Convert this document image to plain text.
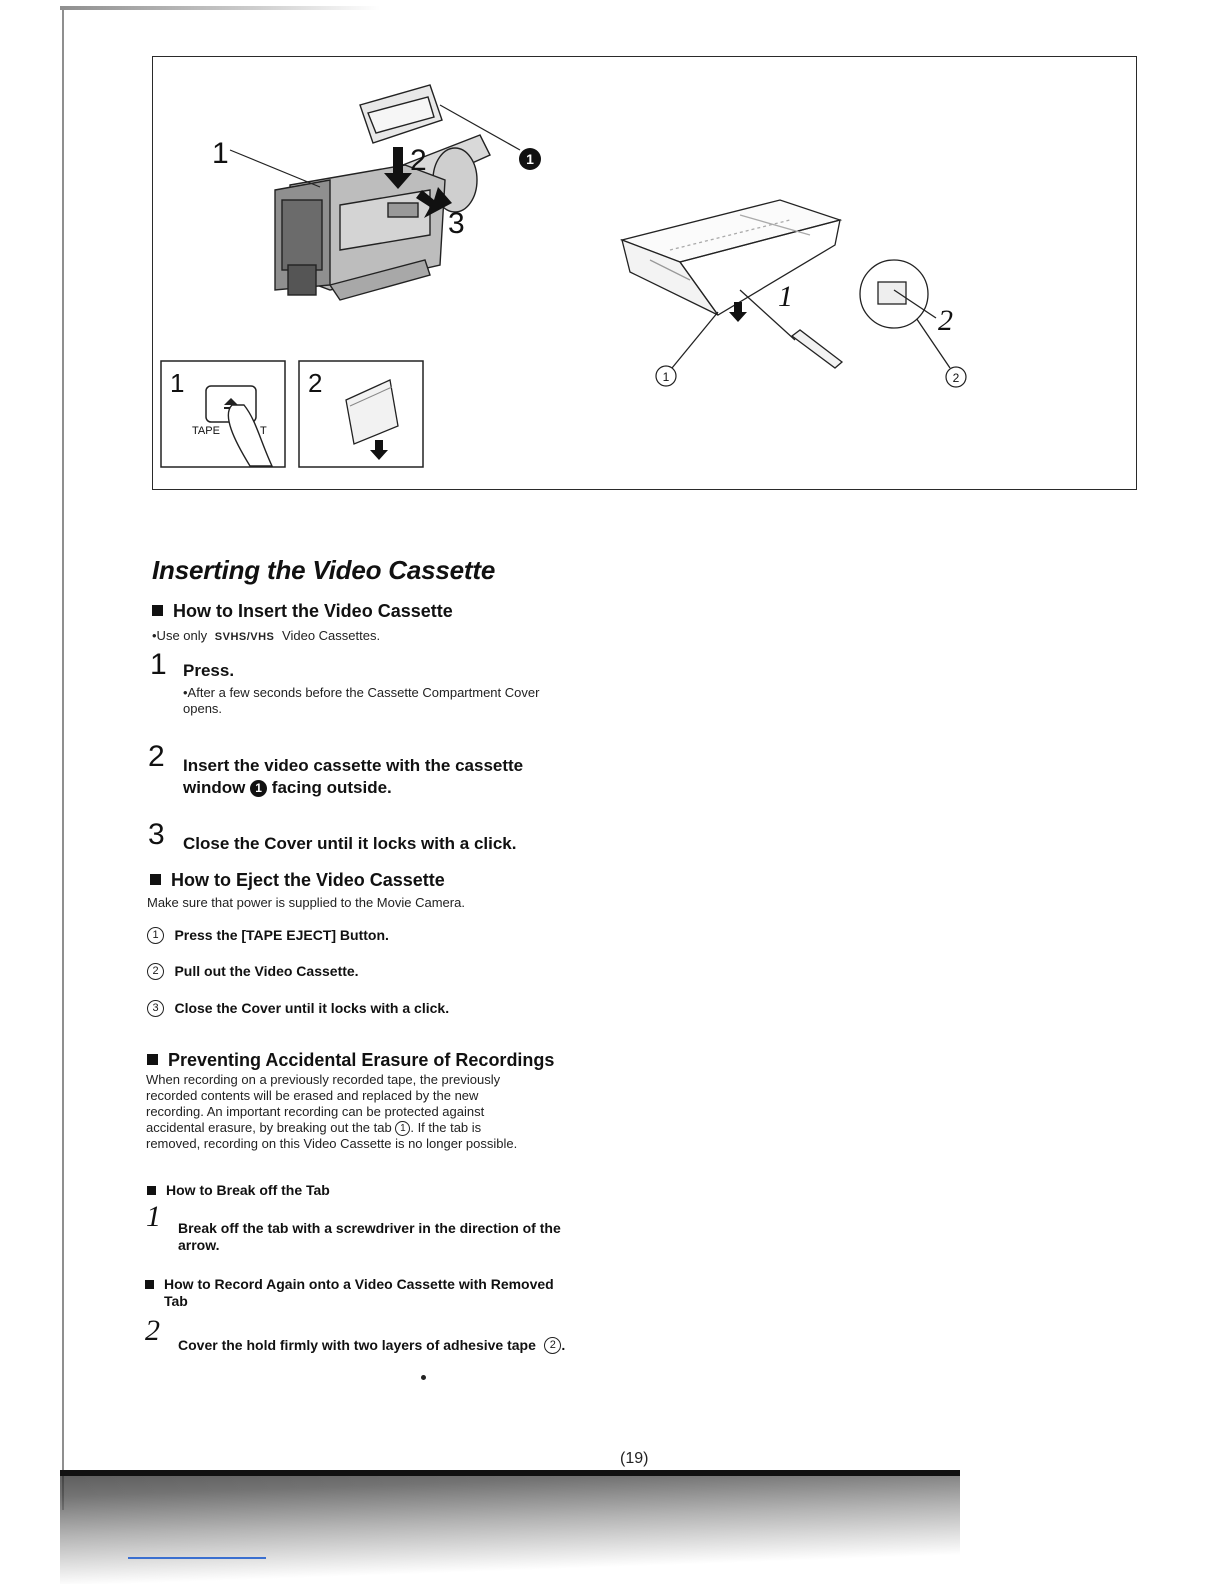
1	2
3
1
1
TAPE	T
2
1
2
1	2
Inserting the Video Cassette
How to Insert the Video Cassette
•Use only SVHS/VHS Video Cassettes.
1 Press.
•After a few seconds before the Cassette Compartment Cover opens.
2 Insert the video cassette with the cassette
window 1 facing outside.
3 Close the Cover until it locks with a click.
How to Eject the Video Cassette
Make sure that power is supplied to the Movie Camera.
1 Press the [TAPE EJECT] Button.
2 Pull out the Video Cassette.
3 Close the Cover until it locks with a click.
Preventing Accidental Erasure of Recordings
When recording on a previously recorded tape, the previously
recorded contents will be erased and replaced by the new
recording. An important recording can be protected against
accidental erasure, by breaking out the tab 1 . If the tab is
removed, recording on this Video Cassette is no longer possible.
How to Break off the Tab
1 Break off the tab with a screwdriver in the direction of the arrow.
How to Record Again onto a Video Cassette with Removed Tab
2 Cover the hold firmly with two layers of adhesive tape 2 .
(19)
